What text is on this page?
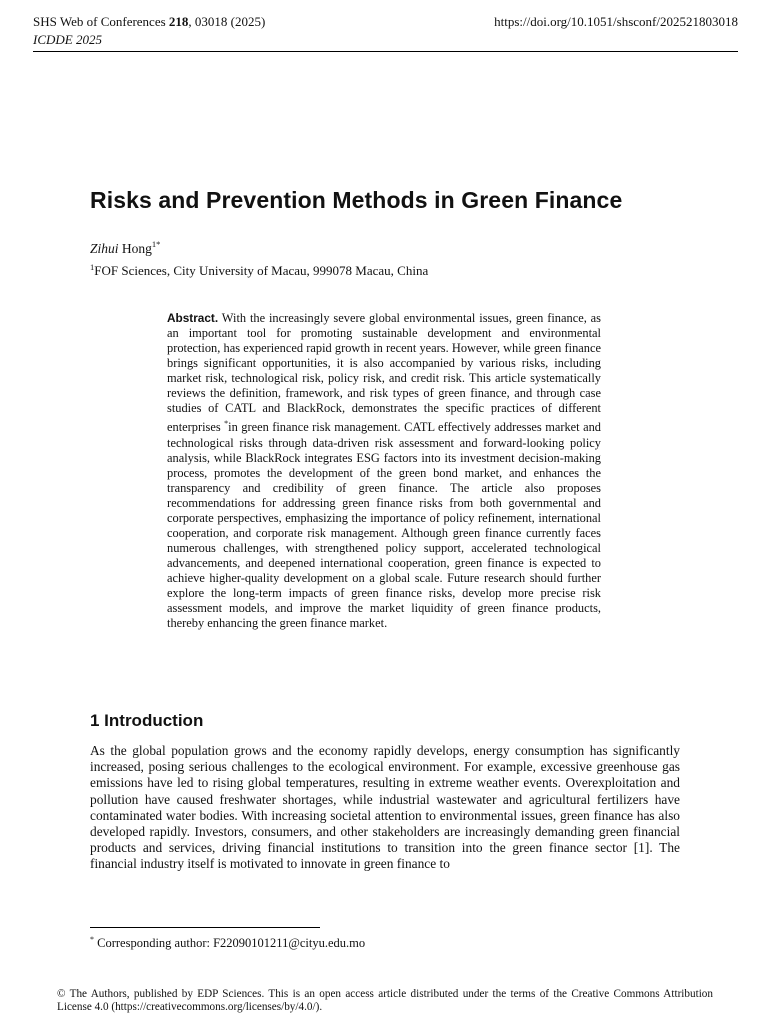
SHS Web of Conferences 218, 03018 (2025)
ICDDE 2025
https://doi.org/10.1051/shsconf/202521803018
Risks and Prevention Methods in Green Finance
Zihui Hong$^{1*}$
$^1$FOF Sciences, City University of Macau, 999078 Macau, China
Abstract. With the increasingly severe global environmental issues, green finance, as an important tool for promoting sustainable development and environmental protection, has experienced rapid growth in recent years. However, while green finance brings significant opportunities, it is also accompanied by various risks, including market risk, technological risk, policy risk, and credit risk. This article systematically reviews the definition, framework, and risk types of green finance, and through case studies of CATL and BlackRock, demonstrates the specific practices of different enterprises *in green finance risk management. CATL effectively addresses market and technological risks through data-driven risk assessment and forward-looking policy analysis, while BlackRock integrates ESG factors into its investment decision-making process, promotes the development of the green bond market, and enhances the transparency and credibility of green finance. The article also proposes recommendations for addressing green finance risks from both governmental and corporate perspectives, emphasizing the importance of policy refinement, international cooperation, and corporate risk management. Although green finance currently faces numerous challenges, with strengthened policy support, accelerated technological advancements, and deepened international cooperation, green finance is expected to achieve higher-quality development on a global scale. Future research should further explore the long-term impacts of green finance risks, develop more precise risk assessment models, and improve the market liquidity of green finance products, thereby enhancing the green finance market.
1 Introduction
As the global population grows and the economy rapidly develops, energy consumption has significantly increased, posing serious challenges to the ecological environment. For example, excessive greenhouse gas emissions have led to rising global temperatures, resulting in extreme weather events. Overexploitation and pollution have caused freshwater shortages, while industrial wastewater and agricultural fertilizers have contaminated water bodies. With increasing societal attention to environmental issues, green finance has also developed rapidly. Investors, consumers, and other stakeholders are increasingly demanding green financial products and services, driving financial institutions to transition into the green finance sector [1]. The financial industry itself is motivated to innovate in green finance to
* Corresponding author: F22090101211@cityu.edu.mo
© The Authors, published by EDP Sciences. This is an open access article distributed under the terms of the Creative Commons Attribution License 4.0 (https://creativecommons.org/licenses/by/4.0/).
